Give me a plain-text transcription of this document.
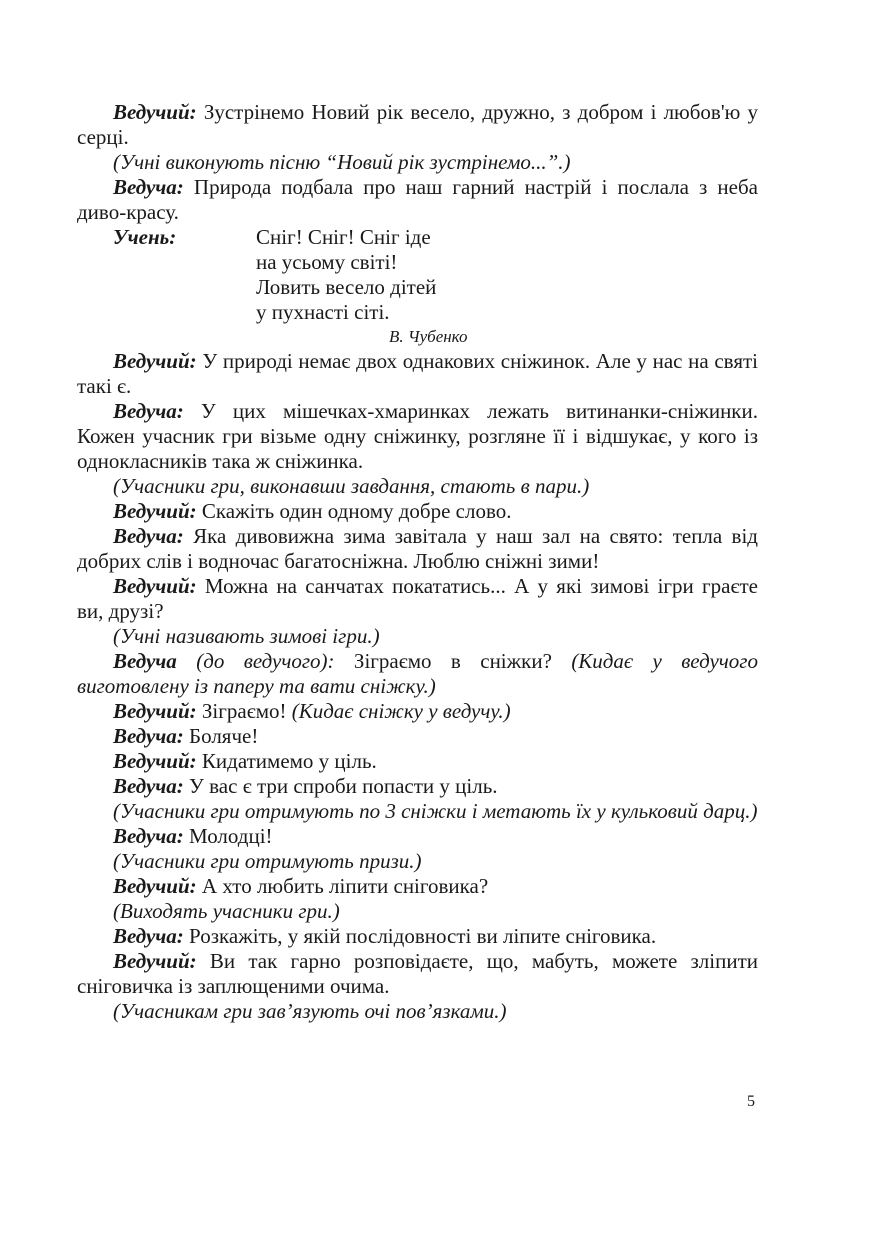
Ведучий: Зустрінемо Новий рік весело, дружно, з добром і любов'ю у серці.

(Учні виконують пісню “Новий рік зустрінемо...”.)

Ведуча: Природа подбала про наш гарний настрій і послала з неба диво-красу.

Учень:	Сніг! Сніг! Сніг іде
на усьому світі!
Ловить весело дітей
у пухнасті сіті.

В. Чубенко

Ведучий: У природі немає двох однакових сніжинок. Але у нас на святі такі є.

Ведуча: У цих мішечках-хмаринках лежать витинанки-сніжинки. Кожен учасник гри візьме одну сніжинку, розгляне її і відшукає, у кого із однокласників така ж сніжинка.

(Учасники гри, виконавши завдання, стають в пари.)

Ведучий: Скажіть один одному добре слово.

Ведуча: Яка дивовижна зима завітала у наш зал на свято: тепла від добрих слів і водночас багатосніжна. Люблю сніжні зими!

Ведучий: Можна на санчатах покататись... А у які зимові ігри граєте ви, друзі?

(Учні називають зимові ігри.)

Ведуча (до ведучого): Зіграємо в сніжки? (Кидає у ведучого виготовлену із паперу та вати сніжку.)

Ведучий: Зіграємо! (Кидає сніжку у ведучу.)

Ведуча: Боляче!

Ведучий: Кидатимемо у ціль.

Ведуча: У вас є три спроби попасти у ціль.

(Учасники гри отримують по 3 сніжки і метають їх у кульковий дарц.)

Ведуча: Молодці!

(Учасники гри отримують призи.)

Ведучий: А хто любить ліпити сніговика?

(Виходять учасники гри.)

Ведуча: Розкажіть, у якій послідовності ви ліпите сніговика.

Ведучий: Ви так гарно розповідаєте, що, мабуть, можете зліпити сніговичка із заплющеними очима.

(Учасникам гри зав’язують очі пов’язками.)

5
